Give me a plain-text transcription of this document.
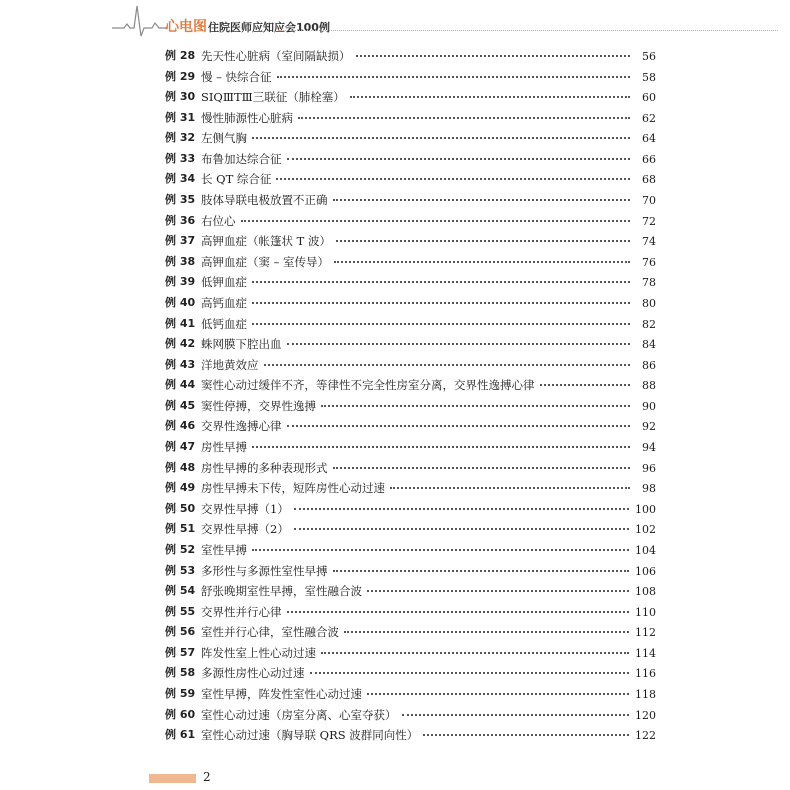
心电图住院医师应知应会100例
例 28 先天性心脏病（室间隔缺损）	56
例 29 慢 – 快综合征	58
例 30 SⅠQⅢTⅢ三联征（肺栓塞）	60
例 31 慢性肺源性心脏病	62
例 32 左侧气胸	64
例 33 布鲁加达综合征	66
例 34 长 QT 综合征	68
例 35 肢体导联电极放置不正确	70
例 36 右位心	72
例 37 高钾血症（帐篷状 T 波）	74
例 38 高钾血症（窦 – 室传导）	76
例 39 低钾血症	78
例 40 高钙血症	80
例 41 低钙血症	82
例 42 蛛网膜下腔出血	84
例 43 洋地黄效应	86
例 44 窦性心动过缓伴不齐，等律性不完全性房室分离，交界性逸搏心律	88
例 45 窦性停搏，交界性逸搏	90
例 46 交界性逸搏心律	92
例 47 房性早搏	94
例 48 房性早搏的多种表现形式	96
例 49 房性早搏未下传，短阵房性心动过速	98
例 50 交界性早搏（1）	100
例 51 交界性早搏（2）	102
例 52 室性早搏	104
例 53 多形性与多源性室性早搏	106
例 54 舒张晚期室性早搏，室性融合波	108
例 55 交界性并行心律	110
例 56 室性并行心律，室性融合波	112
例 57 阵发性室上性心动过速	114
例 58 多源性房性心动过速	116
例 59 室性早搏，阵发性室性心动过速	118
例 60 室性心动过速（房室分离、心室夺获）	120
例 61 室性心动过速（胸导联 QRS 波群同向性）	122
2
